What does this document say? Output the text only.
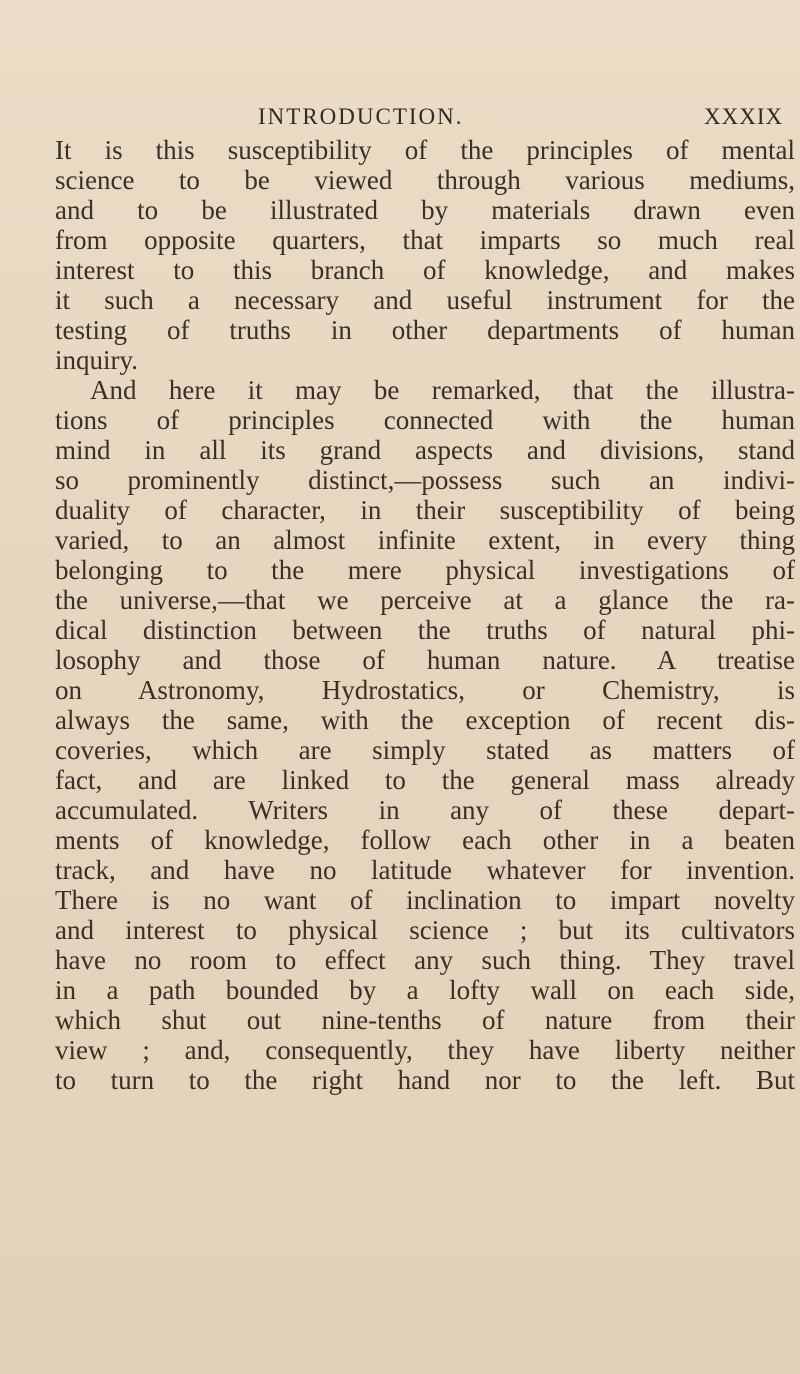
INTRODUCTION.	XXXIX
It is this susceptibility of the principles of mental
science to be viewed through various mediums,
and to be illustrated by materials drawn even
from opposite quarters, that imparts so much real
interest to this branch of knowledge, and makes
it such a necessary and useful instrument for the
testing of truths in other departments of human
inquiry.
And here it may be remarked, that the illustra-
tions of principles connected with the human
mind in all its grand aspects and divisions, stand
so prominently distinct,—possess such an indivi-
duality of character, in their susceptibility of being
varied, to an almost infinite extent, in every thing
belonging to the mere physical investigations of
the universe,—that we perceive at a glance the ra-
dical distinction between the truths of natural phi-
losophy and those of human nature. A treatise
on Astronomy, Hydrostatics, or Chemistry, is
always the same, with the exception of recent dis-
coveries, which are simply stated as matters of
fact, and are linked to the general mass already
accumulated. Writers in any of these depart-
ments of knowledge, follow each other in a beaten
track, and have no latitude whatever for invention.
There is no want of inclination to impart novelty
and interest to physical science ; but its cultivators
have no room to effect any such thing. They travel
in a path bounded by a lofty wall on each side,
which shut out nine-tenths of nature from their
view ; and, consequently, they have liberty neither
to turn to the right hand nor to the left. But
